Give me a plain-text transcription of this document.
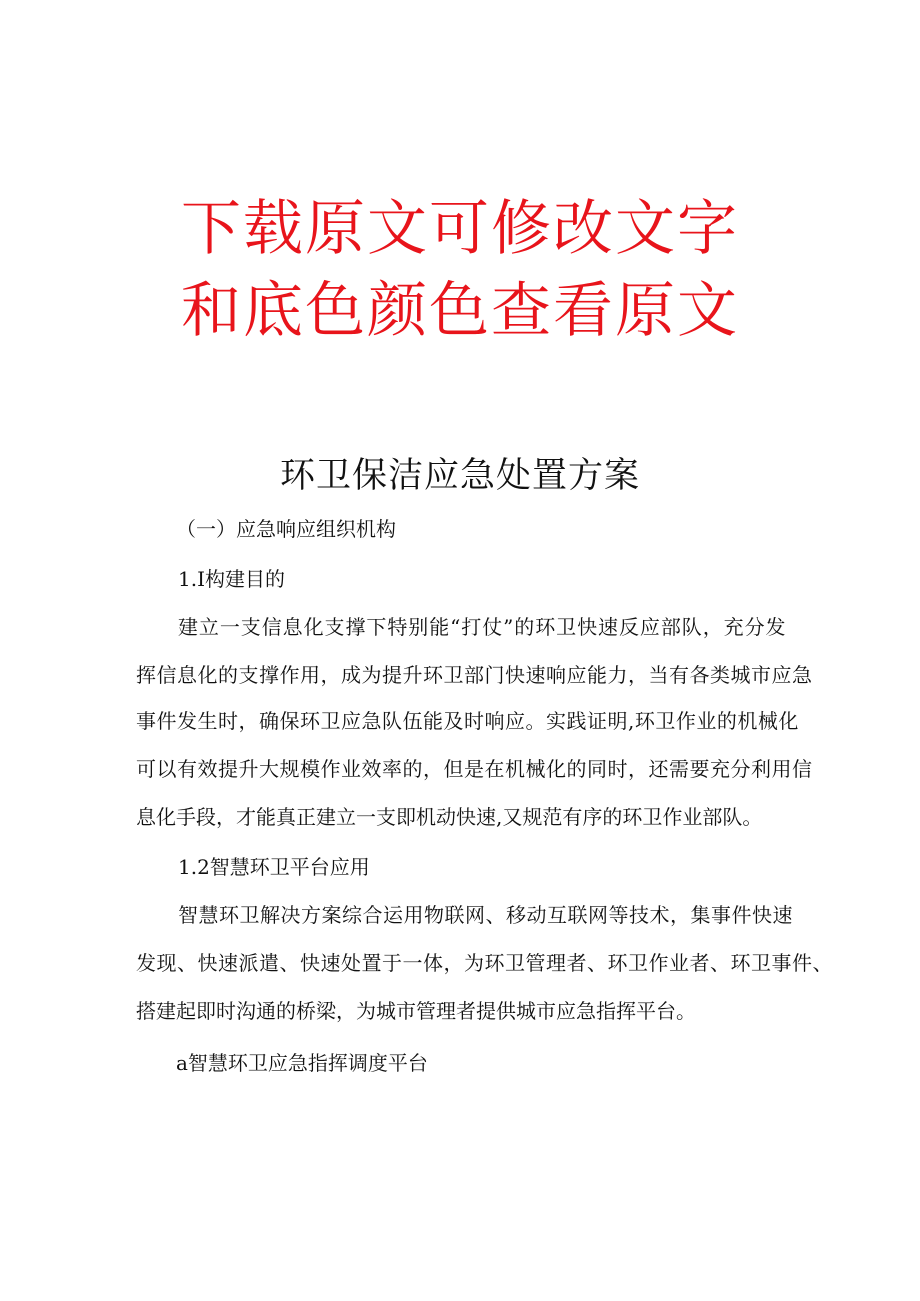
下载原文可修改文字
和底色颜色查看原文
环卫保洁应急处置方案
（一）应急响应组织机构
1.I构建目的
建立一支信息化支撑下特别能“打仗”的环卫快速反应部队，充分发
挥信息化的支撑作用，成为提升环卫部门快速响应能力，当有各类城市应急
事件发生时，确保环卫应急队伍能及时响应。实践证明,环卫作业的机械化
可以有效提升大规模作业效率的，但是在机械化的同时，还需要充分利用信
息化手段，才能真正建立一支即机动快速,又规范有序的环卫作业部队。
1.2智慧环卫平台应用
智慧环卫解决方案综合运用物联网、移动互联网等技术，集事件快速
发现、快速派遣、快速处置于一体，为环卫管理者、环卫作业者、环卫事件、
搭建起即时沟通的桥梁，为城市管理者提供城市应急指挥平台。
a智慧环卫应急指挥调度平台
